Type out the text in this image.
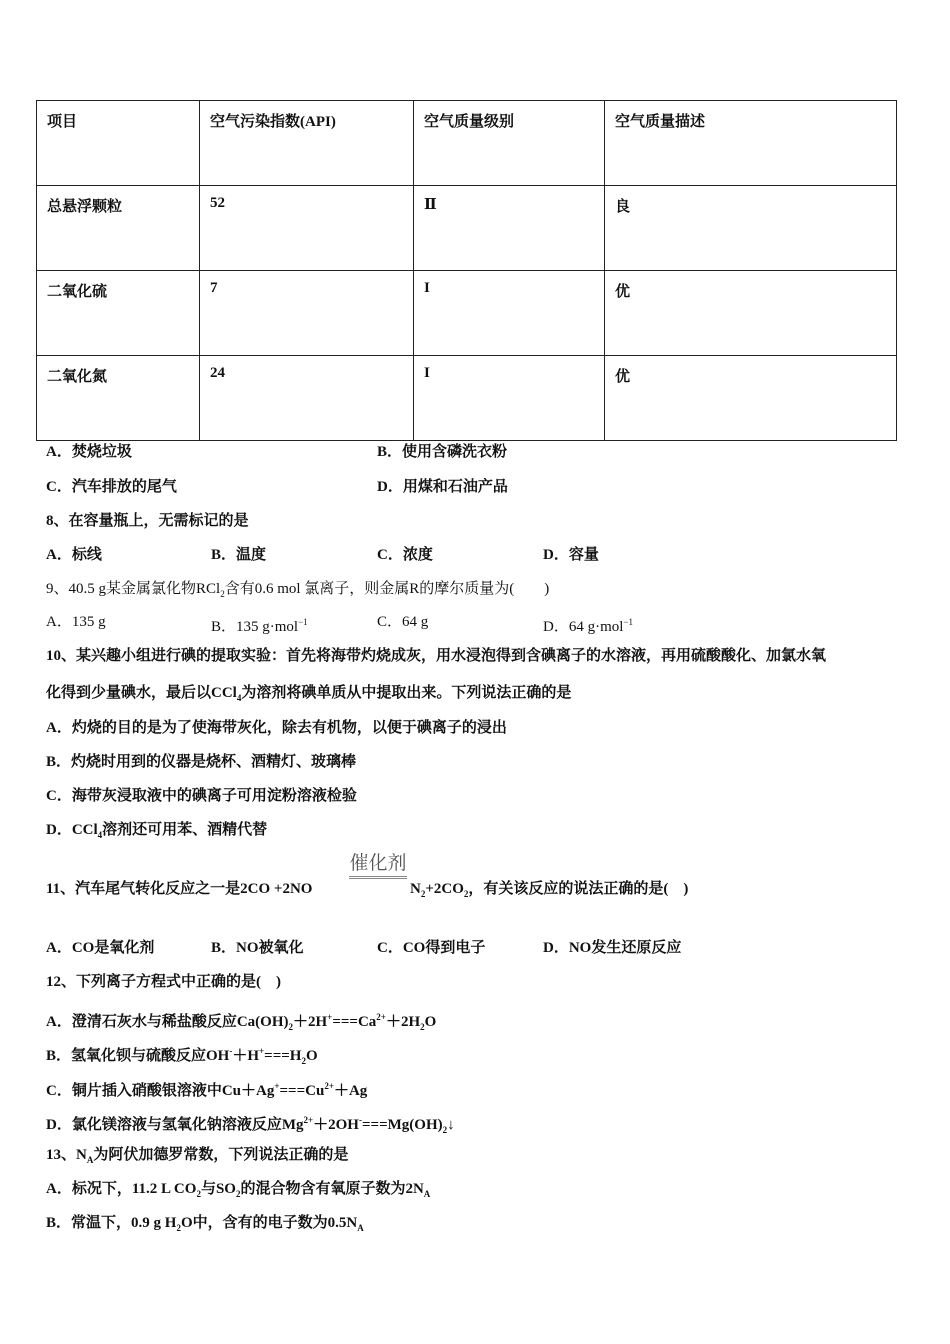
项目	空气污染指数(API)	空气质量级别	空气质量描述
总悬浮颗粒	52	Ⅱ	良
二氧化硫	7	I	优
二氧化氮	24	I	优
A．焚烧垃圾	B．使用含磷洗衣粉
C．汽车排放的尾气	D．用煤和石油产品
8、在容量瓶上，无需标记的是
A．标线	B．温度	C．浓度	D．容量
9、40.5 g某金属氯化物RCl$_2$含有0.6 mol 氯离子，则金属R的摩尔质量为(　　)
A．135 g	B．135 g·mol$^{-1}$	C．64 g	D．64 g·mol$^{-1}$
10、某兴趣小组进行碘的提取实验：首先将海带灼烧成灰，用水浸泡得到含碘离子的水溶液，再用硫酸酸化、加氯水氧
化得到少量碘水，最后以CCl$_4$为溶剂将碘单质从中提取出来。下列说法正确的是
A．灼烧的目的是为了使海带灰化，除去有机物，以便于碘离子的浸出
B．灼烧时用到的仪器是烧杯、酒精灯、玻璃棒
C．海带灰浸取液中的碘离子可用淀粉溶液检验
D．CCl$_4$溶剂还可用苯、酒精代替
催化剂
11、汽车尾气转化反应之一是2CO +2NO	$N_2+2CO_2$，有关该反应的说法正确的是(　)
A．CO是氧化剂	B．NO被氧化	C．CO得到电子	D．NO发生还原反应
12、下列离子方程式中正确的是(　)
A．澄清石灰水与稀盐酸反应$Ca(OH)_2+2H^+===Ca^{2+}+2H_2O$
B．氢氧化钡与硫酸反应$OH^-+H^+===H_2O$
C．铜片插入硝酸银溶液中$Cu+Ag^+===Cu^{2+}+Ag$
D．氯化镁溶液与氢氧化钠溶液反应$Mg^{2+}+2OH^-===Mg(OH)_2↓$
13、$N_A$为阿伏加德罗常数，下列说法正确的是
A．标况下，11.2 L $CO_2$与$SO_2$的混合物含有氧原子数为$2N_A$
B．常温下，0.9 g $H_2O$中，含有的电子数为$0.5N_A$
